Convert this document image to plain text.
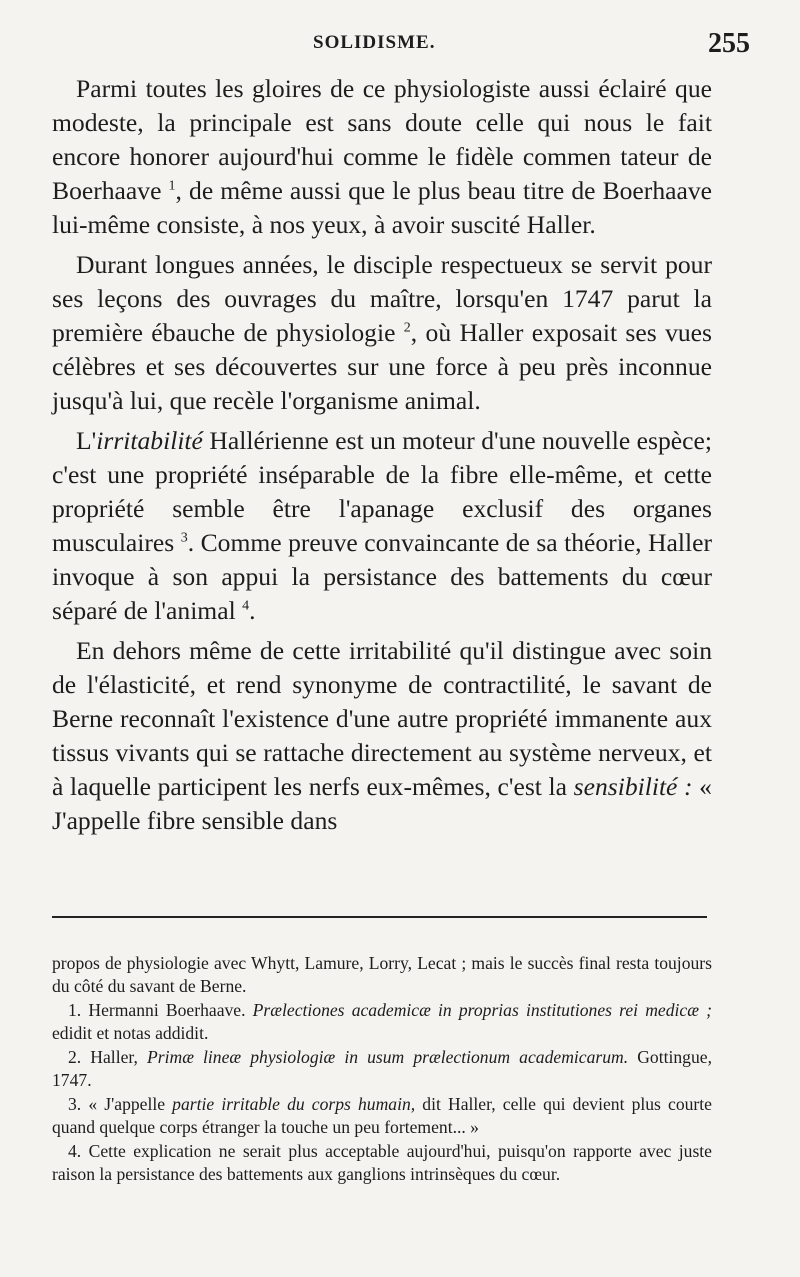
SOLIDISME.	255

Parmi toutes les gloires de ce physiologiste aussi éclairé que modeste, la principale est sans doute celle qui nous le fait encore honorer aujourd'hui comme le fidèle commen tateur de Boerhaave $^1$, de même aussi que le plus beau titre de Boerhaave lui-même consiste, à nos yeux, à avoir suscité Haller.

Durant longues années, le disciple respectueux se servit pour ses leçons des ouvrages du maître, lorsqu'en 1747 parut la première ébauche de physiologie $^2$, où Haller exposait ses vues célèbres et ses découvertes sur une force à peu près inconnue jusqu'à lui, que recèle l'organisme animal.

L'irritabilité Hallérienne est un moteur d'une nouvelle espèce; c'est une propriété inséparable de la fibre elle-même, et cette propriété semble être l'apanage exclusif des organes musculaires $^3$. Comme preuve convaincante de sa théorie, Haller invoque à son appui la persistance des battements du cœur séparé de l'animal $^4$.

En dehors même de cette irritabilité qu'il distingue avec soin de l'élasticité, et rend synonyme de contractilité, le savant de Berne reconnaît l'existence d'une autre propriété immanente aux tissus vivants qui se rattache directement au système nerveux, et à laquelle participent les nerfs eux-mêmes, c'est la sensibilité : « J'appelle fibre sensible dans

propos de physiologie avec Whytt, Lamure, Lorry, Lecat ; mais le succès final resta toujours du côté du savant de Berne.

1. Hermanni Boerhaave. Prælectiones academicæ in proprias institutiones rei medicæ ; edidit et notas addidit.

2. Haller, Primæ lineæ physiologiæ in usum prælectionum academicarum. Gottingue, 1747.

3. « J'appelle partie irritable du corps humain, dit Haller, celle qui devient plus courte quand quelque corps étranger la touche un peu fortement... »

4. Cette explication ne serait plus acceptable aujourd'hui, puisqu'on rapporte avec juste raison la persistance des battements aux ganglions intrinsèques du cœur.
